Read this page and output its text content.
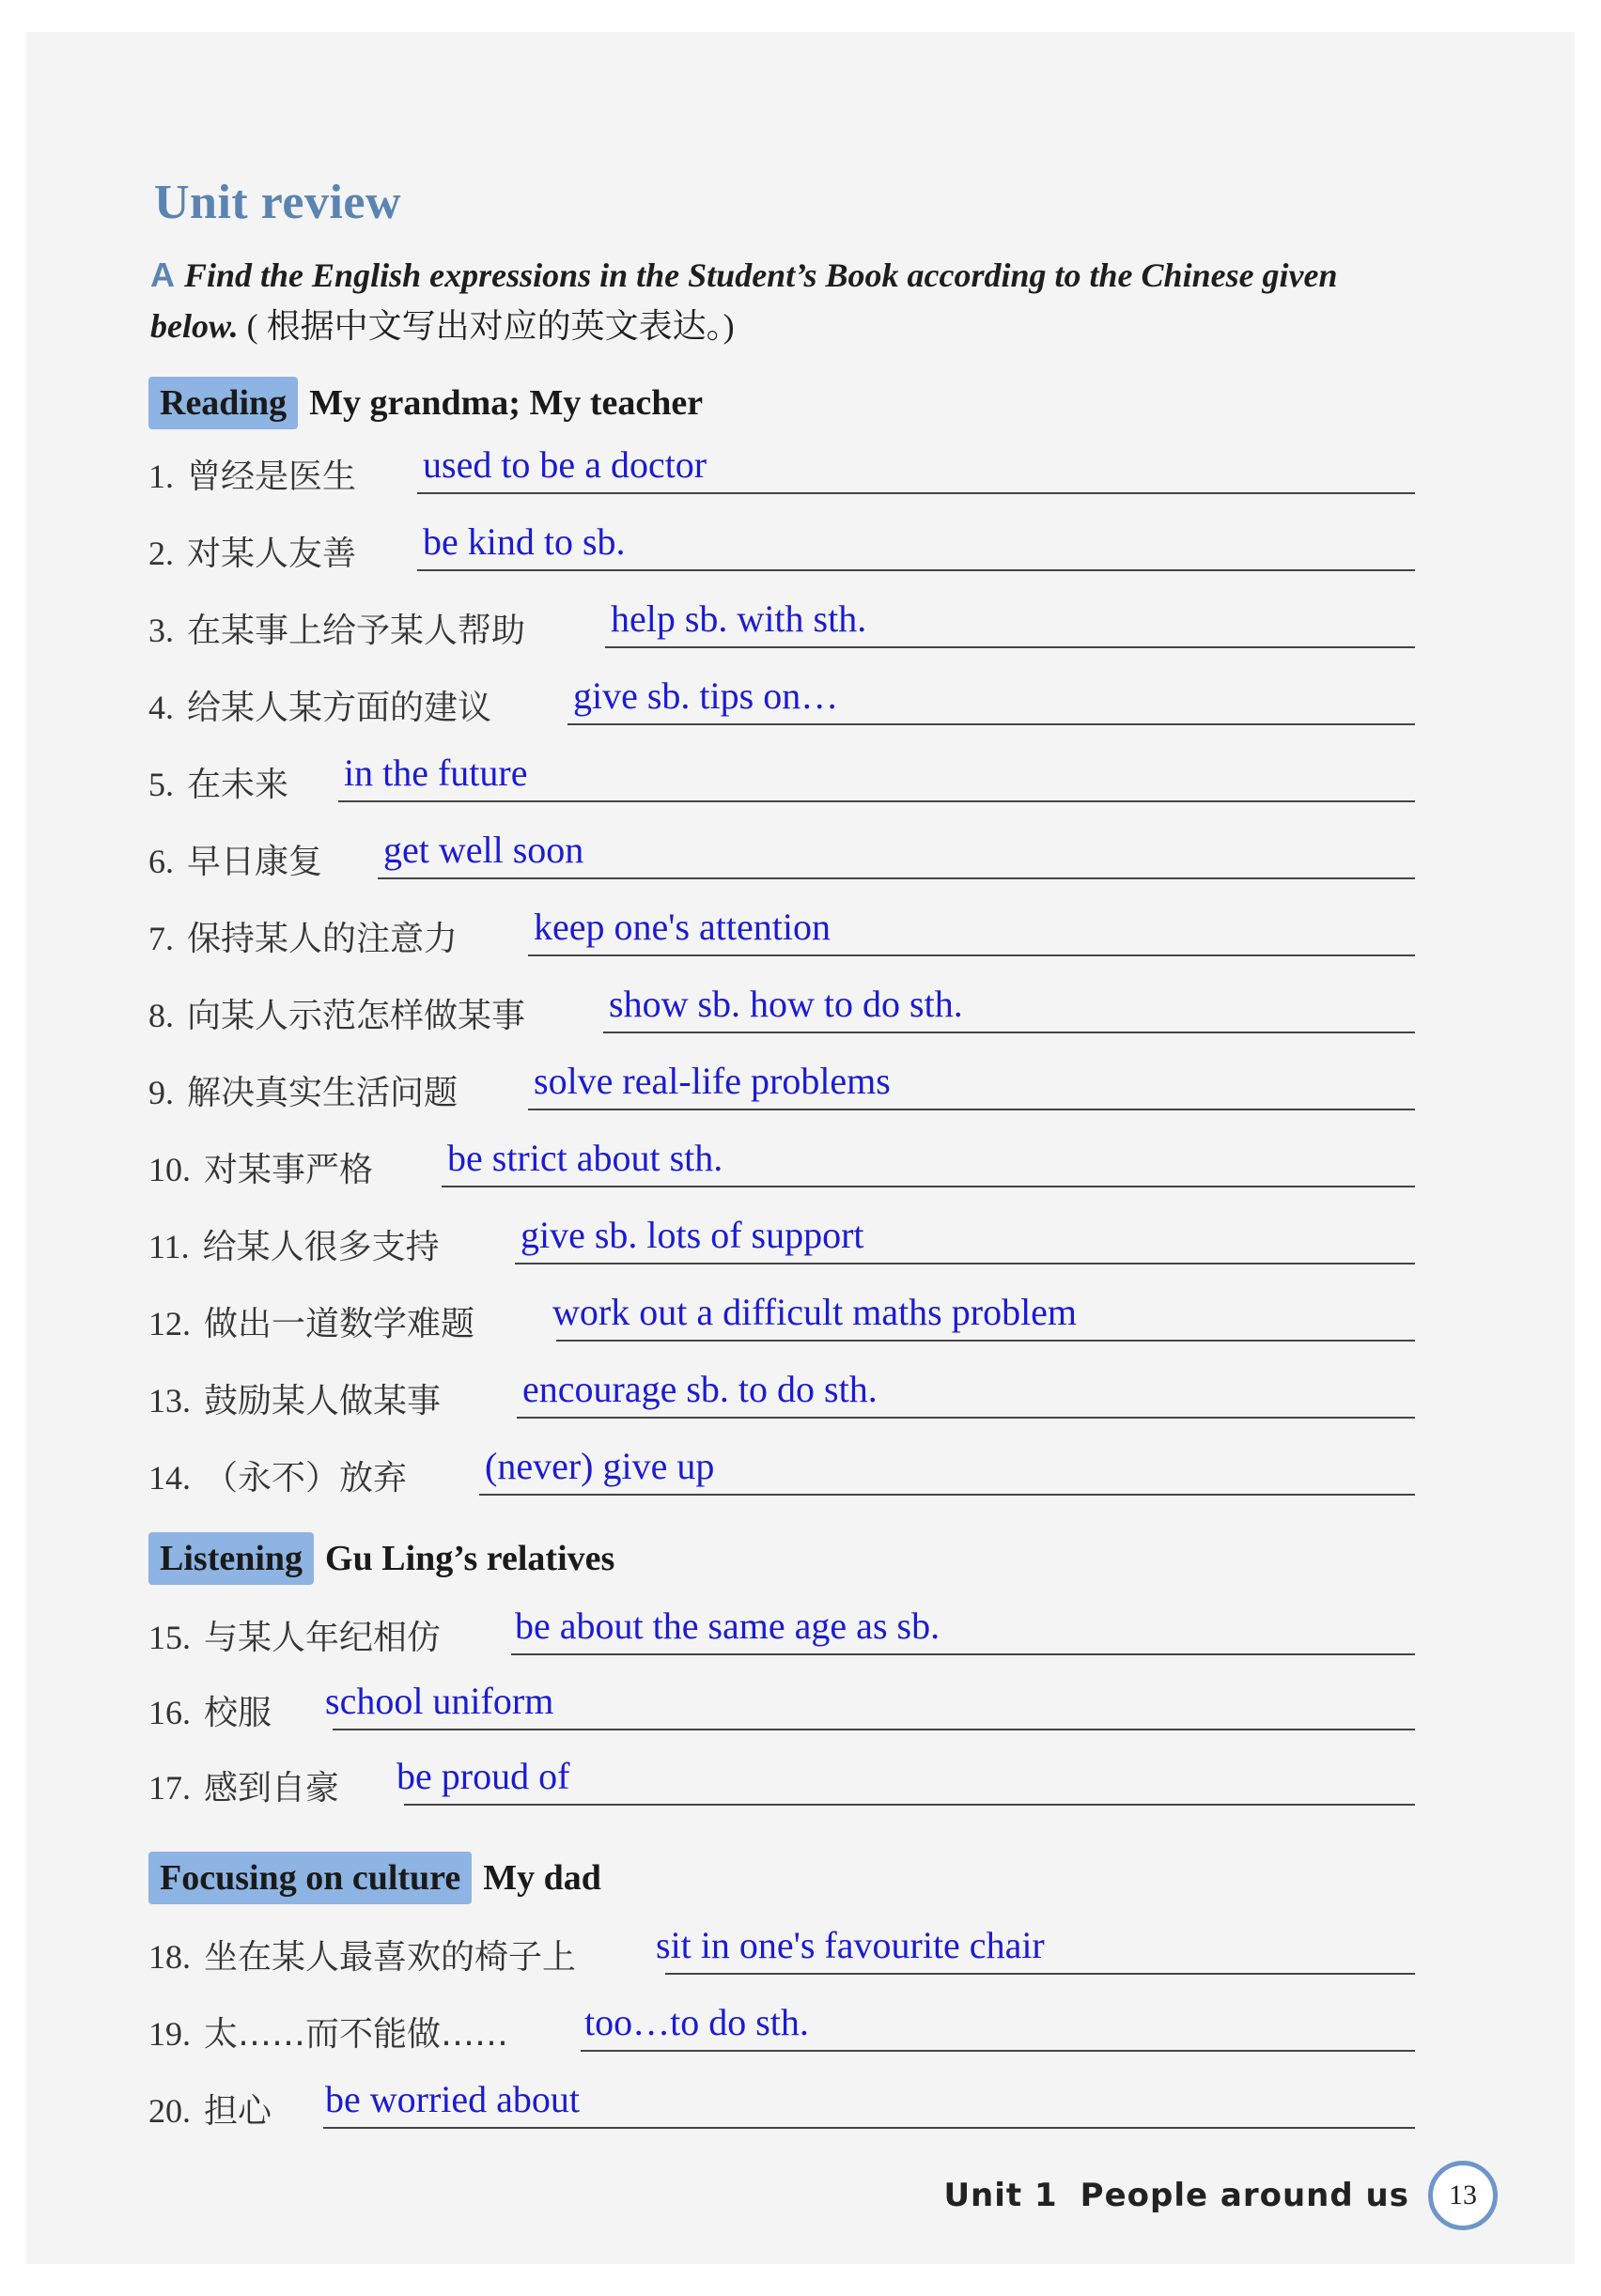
Unit review
A Find the English expressions in the Student’s Book according to the Chinese given below. ( 根据中文写出对应的英文表达。)
Reading My grandma; My teacher
Listening Gu Ling’s relatives
Focusing on culture My dad
1. 曾经是医生 used to be a doctor
2. 对某人友善 be kind to sb.
3. 在某事上给予某人帮助 help sb. with sth.
4. 给某人某方面的建议 give sb. tips on…
5. 在未来 in the future
6. 早日康复 get well soon
7. 保持某人的注意力 keep one's attention
8. 向某人示范怎样做某事 show sb. how to do sth.
9. 解决真实生活问题 solve real-life problems
10. 对某事严格 be strict about sth.
11. 给某人很多支持 give sb. lots of support
12. 做出一道数学难题 work out a difficult maths problem
13. 鼓励某人做某事 encourage sb. to do sth.
14. （永不）放弃 (never) give up
15. 与某人年纪相仿 be about the same age as sb.
16. 校服 school uniform
17. 感到自豪 be proud of
18. 坐在某人最喜欢的椅子上 sit in one's favourite chair
19. 太……而不能做…… too…to do sth.
20. 担心 be worried about
Unit 1 People around us	13
